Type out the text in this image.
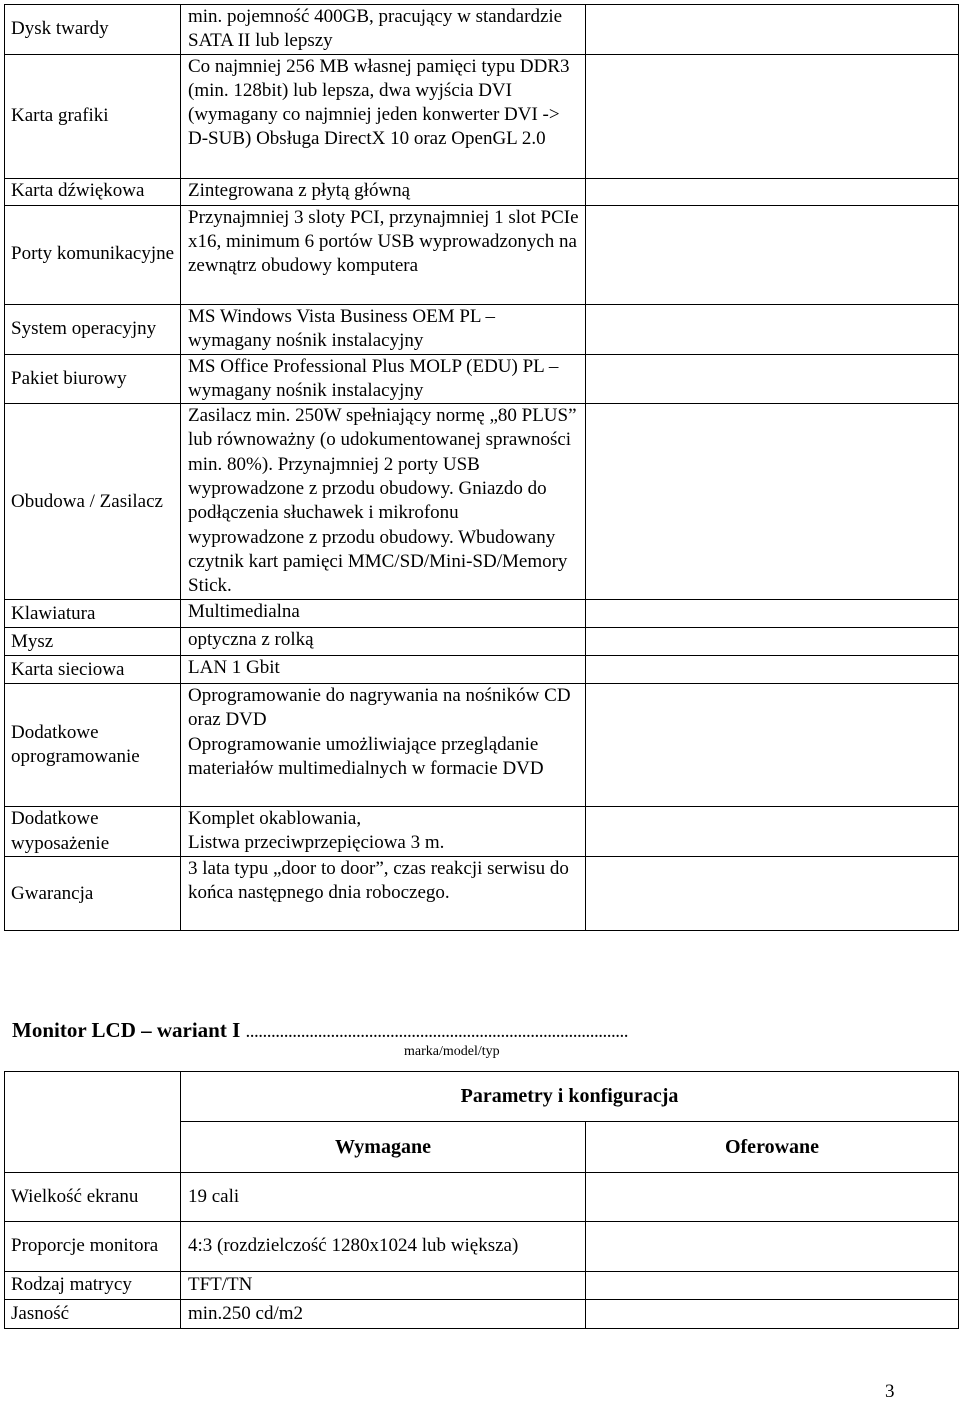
Dysk twardy	min. pojemność 400GB, pracujący w standardzie SATA II lub lepszy	

Karta grafiki	Co najmniej 256 MB własnej pamięci typu DDR3 (min. 128bit) lub lepsza, dwa wyjścia DVI (wymagany co najmniej jeden konwerter DVI -> D-SUB) Obsługa DirectX 10 oraz OpenGL 2.0	

Karta dźwiękowa	Zintegrowana z płytą główną	

Porty komunikacyjne	Przynajmniej 3 sloty PCI, przynajmniej 1 slot PCIe x16, minimum 6 portów USB wyprowadzonych na zewnątrz obudowy komputera	

System operacyjny	MS Windows Vista Business OEM PL – wymagany nośnik instalacyjny	

Pakiet biurowy	MS Office Professional Plus MOLP (EDU) PL – wymagany nośnik instalacyjny	

Obudowa / Zasilacz	Zasilacz min. 250W spełniający normę „80 PLUS” lub równoważny (o udokumentowanej sprawności min. 80%). Przynajmniej 2 porty USB wyprowadzone z przodu obudowy. Gniazdo do podłączenia słuchawek i mikrofonu wyprowadzone z przodu obudowy. Wbudowany czytnik kart pamięci MMC/SD/Mini-SD/Memory Stick.	

Klawiatura	Multimedialna	

Mysz	optyczna z rolką	

Karta sieciowa	LAN 1 Gbit	

Dodatkowe oprogramowanie	Oprogramowanie do nagrywania na nośników CD oraz DVD
Oprogramowanie umożliwiające przeglądanie materiałów multimedialnych w formacie DVD	

Dodatkowe wyposażenie	Komplet okablowania,
Listwa przeciwprzepięciowa 3 m.	

Gwarancja	3 lata typu „door to door”, czas reakcji serwisu do końca następnego dnia roboczego.	

Monitor LCD – wariant I ..........................................................................................
marka/model/typ
	Parametry i konfiguracja	
	Wymagane	Oferowane

Wielkość ekranu	19 cali	

Proporcje monitora	4:3 (rozdzielczość 1280x1024 lub większa)	

Rodzaj matrycy	TFT/TN	

Jasność	min.250 cd/m2	

3
